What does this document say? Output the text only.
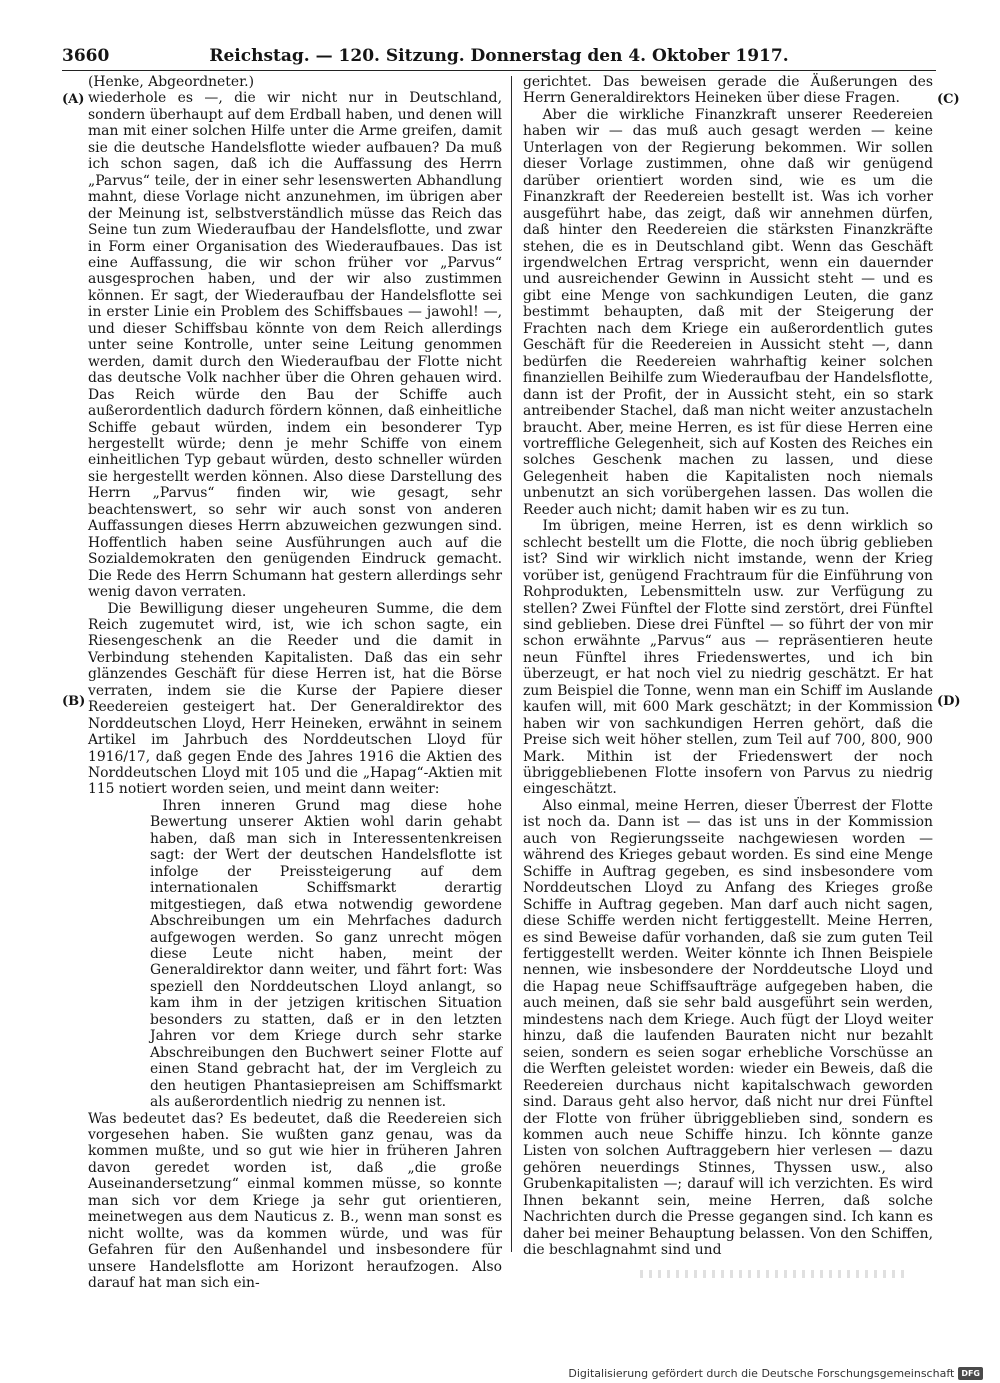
3660	Reichstag. — 120. Sitzung. Donnerstag den 4. Oktober 1917.
(A)
(B)
(C)
(D)

(Henke, Abgeordneter.)

wiederhole es —, die wir nicht nur in Deutschland, sondern überhaupt auf dem Erdball haben, und denen will man mit einer solchen Hilfe unter die Arme greifen, damit sie die deutsche Handelsflotte wieder aufbauen? Da muß ich schon sagen, daß ich die Auffassung des Herrn „Parvus“ teile, der in einer sehr lesenswerten Abhandlung mahnt, diese Vorlage nicht anzunehmen, im übrigen aber der Meinung ist, selbstverständlich müsse das Reich das Seine tun zum Wiederaufbau der Handelsflotte, und zwar in Form einer Organisation des Wiederaufbaues. Das ist eine Auffassung, die wir schon früher vor „Parvus“ ausgesprochen haben, und der wir also zustimmen können. Er sagt, der Wiederaufbau der Handelsflotte sei in erster Linie ein Problem des Schiffsbaues — jawohl! —, und dieser Schiffsbau könnte von dem Reich allerdings unter seine Kontrolle, unter seine Leitung genommen werden, damit durch den Wiederaufbau der Flotte nicht das deutsche Volk nachher über die Ohren gehauen wird. Das Reich würde den Bau der Schiffe auch außerordentlich dadurch fördern können, daß einheitliche Schiffe gebaut würden, indem ein besonderer Typ hergestellt würde; denn je mehr Schiffe von einem einheitlichen Typ gebaut würden, desto schneller würden sie hergestellt werden können. Also diese Darstellung des Herrn „Parvus“ finden wir, wie gesagt, sehr beachtenswert, so sehr wir auch sonst von anderen Auffassungen dieses Herrn abzuweichen gezwungen sind. Hoffentlich haben seine Ausführungen auch auf die Sozialdemokraten den genügenden Eindruck gemacht. Die Rede des Herrn Schumann hat gestern allerdings sehr wenig davon verraten.

Die Bewilligung dieser ungeheuren Summe, die dem Reich zugemutet wird, ist, wie ich schon sagte, ein Riesengeschenk an die Reeder und die damit in Verbindung stehenden Kapitalisten. Daß das ein sehr glänzendes Geschäft für diese Herren ist, hat die Börse verraten, indem sie die Kurse der Papiere dieser Reedereien gesteigert hat. Der Generaldirektor des Norddeutschen Lloyd, Herr Heineken, erwähnt in seinem Artikel im Jahrbuch des Norddeutschen Lloyd für 1916/17, daß gegen Ende des Jahres 1916 die Aktien des Norddeutschen Lloyd mit 105 und die „Hapag“-Aktien mit 115 notiert worden seien, und meint dann weiter:

Ihren inneren Grund mag diese hohe Bewertung unserer Aktien wohl darin gehabt haben, daß man sich in Interessentenkreisen sagt: der Wert der deutschen Handelsflotte ist infolge der Preissteigerung auf dem internationalen Schiffsmarkt derartig mitgestiegen, daß etwa notwendig gewordene Abschreibungen um ein Mehrfaches dadurch aufgewogen werden. So ganz unrecht mögen diese Leute nicht haben, meint der Generaldirektor dann weiter, und fährt fort: Was speziell den Norddeutschen Lloyd anlangt, so kam ihm in der jetzigen kritischen Situation besonders zu statten, daß er in den letzten Jahren vor dem Kriege durch sehr starke Abschreibungen den Buchwert seiner Flotte auf einen Stand gebracht hat, der im Vergleich zu den heutigen Phantasiepreisen am Schiffsmarkt als außerordentlich niedrig zu nennen ist.

Was bedeutet das? Es bedeutet, daß die Reedereien sich vorgesehen haben. Sie wußten ganz genau, was da kommen mußte, und so gut wie hier in früheren Jahren davon geredet worden ist, daß „die große Auseinandersetzung“ einmal kommen müsse, so konnte man sich vor dem Kriege ja sehr gut orientieren, meinetwegen aus dem Nauticus z. B., wenn man sonst es nicht wollte, was da kommen würde, und was für Gefahren für den Außenhandel und insbesondere für unsere Handelsflotte am Horizont heraufzogen. Also darauf hat man sich ein-

gerichtet. Das beweisen gerade die Äußerungen des Herrn Generaldirektors Heineken über diese Fragen.

Aber die wirkliche Finanzkraft unserer Reedereien haben wir — das muß auch gesagt werden — keine Unterlagen von der Regierung bekommen. Wir sollen dieser Vorlage zustimmen, ohne daß wir genügend darüber orientiert worden sind, wie es um die Finanzkraft der Reedereien bestellt ist. Was ich vorher ausgeführt habe, das zeigt, daß wir annehmen dürfen, daß hinter den Reedereien die stärksten Finanzkräfte stehen, die es in Deutschland gibt. Wenn das Geschäft irgendwelchen Ertrag verspricht, wenn ein dauernder und ausreichender Gewinn in Aussicht steht — und es gibt eine Menge von sachkundigen Leuten, die ganz bestimmt behaupten, daß mit der Steigerung der Frachten nach dem Kriege ein außerordentlich gutes Geschäft für die Reedereien in Aussicht steht —, dann bedürfen die Reedereien wahrhaftig keiner solchen finanziellen Beihilfe zum Wiederaufbau der Handelsflotte, dann ist der Profit, der in Aussicht steht, ein so stark antreibender Stachel, daß man nicht weiter anzustacheln braucht. Aber, meine Herren, es ist für diese Herren eine vortreffliche Gelegenheit, sich auf Kosten des Reiches ein solches Geschenk machen zu lassen, und diese Gelegenheit haben die Kapitalisten noch niemals unbenutzt an sich vorübergehen lassen. Das wollen die Reeder auch nicht; damit haben wir es zu tun.

Im übrigen, meine Herren, ist es denn wirklich so schlecht bestellt um die Flotte, die noch übrig geblieben ist? Sind wir wirklich nicht imstande, wenn der Krieg vorüber ist, genügend Frachtraum für die Einführung von Rohprodukten, Lebensmitteln usw. zur Verfügung zu stellen? Zwei Fünftel der Flotte sind zerstört, drei Fünftel sind geblieben. Diese drei Fünftel — so führt der von mir schon erwähnte „Parvus“ aus — repräsentieren heute neun Fünftel ihres Friedenswertes, und ich bin überzeugt, er hat noch viel zu niedrig geschätzt. Er hat zum Beispiel die Tonne, wenn man ein Schiff im Auslande kaufen will, mit 600 Mark geschätzt; in der Kommission haben wir von sachkundigen Herren gehört, daß die Preise sich weit höher stellen, zum Teil auf 700, 800, 900 Mark. Mithin ist der Friedenswert der noch übriggebliebenen Flotte insofern von Parvus zu niedrig eingeschätzt.

Also einmal, meine Herren, dieser Überrest der Flotte ist noch da. Dann ist — das ist uns in der Kommission auch von Regierungsseite nachgewiesen worden — während des Krieges gebaut worden. Es sind eine Menge Schiffe in Auftrag gegeben, es sind insbesondere vom Norddeutschen Lloyd zu Anfang des Krieges große Schiffe in Auftrag gegeben. Man darf auch nicht sagen, diese Schiffe werden nicht fertiggestellt. Meine Herren, es sind Beweise dafür vorhanden, daß sie zum guten Teil fertiggestellt werden. Weiter könnte ich Ihnen Beispiele nennen, wie insbesondere der Norddeutsche Lloyd und die Hapag neue Schiffsaufträge aufgegeben haben, die auch meinen, daß sie sehr bald ausgeführt sein werden, mindestens nach dem Kriege. Auch fügt der Lloyd weiter hinzu, daß die laufenden Bauraten nicht nur bezahlt seien, sondern es seien sogar erhebliche Vorschüsse an die Werften geleistet worden: wieder ein Beweis, daß die Reedereien durchaus nicht kapitalschwach geworden sind. Daraus geht also hervor, daß nicht nur drei Fünftel der Flotte von früher übriggeblieben sind, sondern es kommen auch neue Schiffe hinzu. Ich könnte ganze Listen von solchen Auftraggebern hier verlesen — dazu gehören neuerdings Stinnes, Thyssen usw., also Grubenkapitalisten —; darauf will ich verzichten. Es wird Ihnen bekannt sein, meine Herren, daß solche Nachrichten durch die Presse gegangen sind. Ich kann es daher bei meiner Behauptung belassen. Von den Schiffen, die beschlagnahmt sind und

Digitalisierung gefördert durch die Deutsche Forschungsgemeinschaft DFG
